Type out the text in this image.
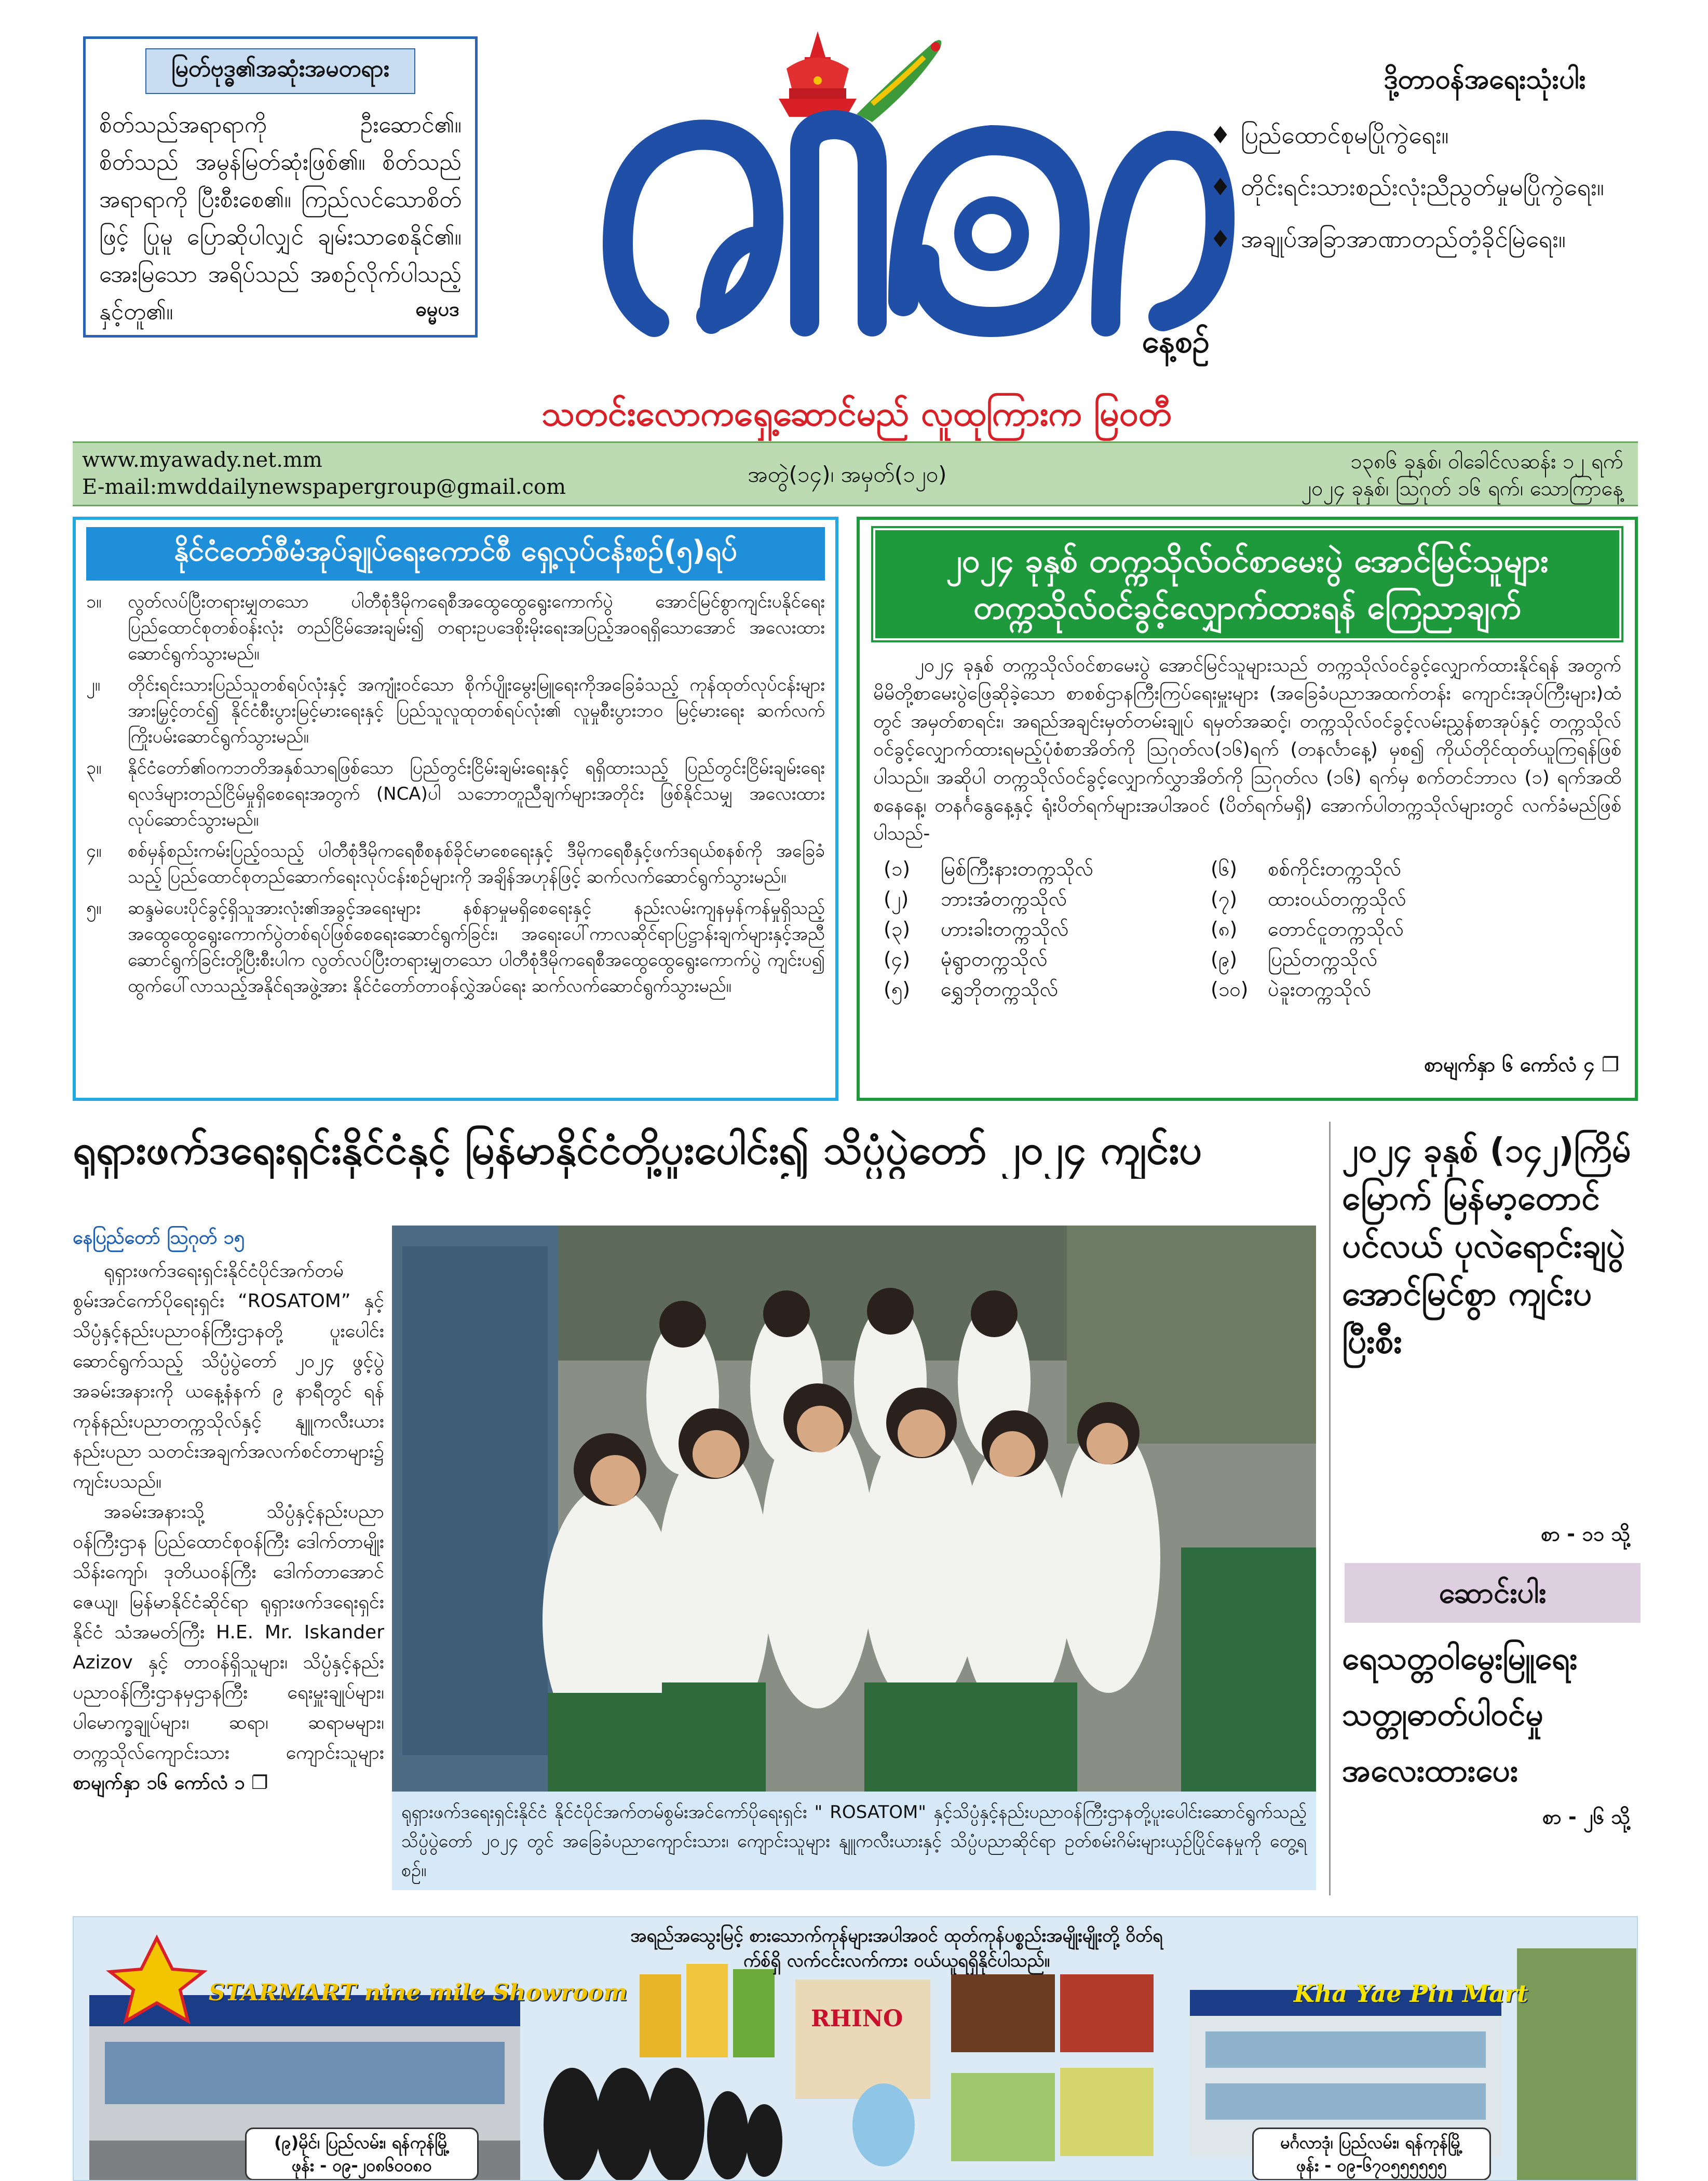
မြတ်ဗုဒ္ဓ၏အဆုံးအမတရား

စိတ်သည်အရာရာကို ဦးဆောင်၏။ စိတ်သည် အမွန်မြတ်ဆုံးဖြစ်၏။ စိတ်သည် အရာရာကို ပြီးစီးစေ၏။ ကြည်လင်သောစိတ်ဖြင့် ပြုမူ ပြောဆိုပါလျှင် ချမ်းသာစေနိုင်၏။ အေးမြသော အရိပ်သည် အစဉ်လိုက်ပါသည့်နှင့်တူ၏။	ဓမ္မပဒ
နေ့စဉ်
သတင်းလောကရှေ့ဆောင်မည် လူထုကြားက မြဝတီ
ဒို့တာဝန်အရေးသုံးပါး
♦ ပြည်ထောင်စုမပြိုကွဲရေး။
♦ တိုင်းရင်းသားစည်းလုံးညီညွတ်မှုမပြိုကွဲရေး။
♦ အချုပ်အခြာအာဏာတည်တံ့ခိုင်မြဲရေး။
www.myawady.net.mm
E-mail:mwddailynewspapergroup@gmail.com	အတွဲ(၁၄)၊ အမှတ်(၁၂၀)	၁၃၈၆ ခုနှစ်၊ ဝါခေါင်လဆန်း ၁၂ ရက်
၂၀၂၄ ခုနှစ်၊ ဩဂုတ် ၁၆ ရက်၊ သောကြာနေ့
နိုင်ငံတော်စီမံအုပ်ချုပ်ရေးကောင်စီ ရှေ့လုပ်ငန်းစဉ်(၅)ရပ်
၁။ လွတ်လပ်ပြီးတရားမျှတသော ပါတီစုံဒီမိုကရေစီအထွေထွေရွေးကောက်ပွဲ အောင်မြင်စွာကျင်းပနိုင်ရေး ပြည်ထောင်စုတစ်ဝန်းလုံး တည်ငြိမ်အေးချမ်း၍ တရားဥပဒေစိုးမိုးရေးအပြည့်အဝရရှိသောအောင် အလေးထားဆောင်ရွက်သွားမည်။
၂။ တိုင်းရင်းသားပြည်သူတစ်ရပ်လုံးနှင့် အကျုံးဝင်သော စိုက်ပျိုးမွေးမြူရေးကိုအခြေခံသည့် ကုန်ထုတ်လုပ်ငန်းများအားမြှင့်တင်၍ နိုင်ငံစီးပွားမြင့်မားရေးနှင့် ပြည်သူလူထုတစ်ရပ်လုံး၏ လူမှုစီးပွားဘဝ မြင့်မားရေး ဆက်လက်ကြိုးပမ်းဆောင်ရွက်သွားမည်။
၃။ နိုင်ငံတော်၏ဝကဘတိအနှစ်သာရဖြစ်သော ပြည်တွင်းငြိမ်းချမ်းရေးနှင့် ရရှိထားသည့် ပြည်တွင်းငြိမ်းချမ်းရေးရလဒ်များတည်ငြိမ်မှုရှိစေရေးအတွက် (NCA)ပါ သဘောတူညီချက်များအတိုင်း ဖြစ်နိုင်သမျှ အလေးထားလုပ်ဆောင်သွားမည်။
၄။ စစ်မှန်စည်းကမ်းပြည့်ဝသည့် ပါတီစုံဒီမိုကရေစီစနစ်ခိုင်မာစေရေးနှင့် ဒီမိုကရေစီနှင့်ဖက်ဒရယ်စနစ်ကို အခြေခံသည့် ပြည်ထောင်စုတည်ဆောက်ရေးလုပ်ငန်းစဉ်များကို အချိန်အဟုန်ဖြင့် ဆက်လက်ဆောင်ရွက်သွားမည်။
၅။ ဆန္ဒမဲပေးပိုင်ခွင့်ရှိသူအားလုံး၏အခွင့်အရေးများ နစ်နာမှုမရှိစေရေးနှင့် နည်းလမ်းကျနမှန်ကန်မှုရှိသည့် အထွေထွေရွေးကောက်ပွဲတစ်ရပ်ဖြစ်စေရေးဆောင်ရွက်ခြင်း၊ အရေးပေါ်ကာလဆိုင်ရာပြဋ္ဌာန်းချက်များနှင့်အညီ ဆောင်ရွက်ခြင်းတို့ပြီးစီးပါက လွတ်လပ်ပြီးတရားမျှတသော ပါတီစုံဒီမိုကရေစီအထွေထွေရွေးကောက်ပွဲ ကျင်းပ၍ ထွက်ပေါ်လာသည့်အနိုင်ရအဖွဲ့အား နိုင်ငံတော်တာဝန်လွှဲအပ်ရေး ဆက်လက်ဆောင်ရွက်သွားမည်။
၂၀၂၄ ခုနှစ် တက္ကသိုလ်ဝင်စာမေးပွဲ အောင်မြင်သူများ တက္ကသိုလ်ဝင်ခွင့်လျှောက်ထားရန် ကြေညာချက်

၂၀၂၄ ခုနှစ် တက္ကသိုလ်ဝင်စာမေးပွဲ အောင်မြင်သူများသည် တက္ကသိုလ်ဝင်ခွင့်လျှောက်ထားနိုင်ရန် အတွက် မိမိတို့စာမေးပွဲဖြေဆိုခဲ့သော စာစစ်ဌာနကြီးကြပ်ရေးမှူးများ (အခြေခံပညာအထက်တန်း ကျောင်းအုပ်ကြီးများ)ထံတွင် အမှတ်စာရင်း၊ အရည်အချင်းမှတ်တမ်းချုပ် ရမှတ်အဆင့်၊ တက္ကသိုလ်ဝင်ခွင့်လမ်းညွှန်စာအုပ်နှင့် တက္ကသိုလ်ဝင်ခွင့်လျှောက်ထားရမည့်ပုံစံစာအိတ်ကို ဩဂုတ်လ(၁၆)ရက် (တနင်္လာနေ့) မှစ၍ ကိုယ်တိုင်ထုတ်ယူကြရန်ဖြစ်ပါသည်။ အဆိုပါ တက္ကသိုလ်ဝင်ခွင့်လျှောက်လွှာအိတ်ကို ဩဂုတ်လ (၁၆) ရက်မှ စက်တင်ဘာလ (၁) ရက်အထိ စနေနေ့၊ တနင်္ဂနွေနေ့နှင့် ရုံးပိတ်ရက်များအပါအဝင် (ပိတ်ရက်မရှိ) အောက်ပါတက္ကသိုလ်များတွင် လက်ခံမည်ဖြစ်ပါသည်-

(၁)	မြစ်ကြီးနားတက္ကသိုလ်	(၆)	စစ်ကိုင်းတက္ကသိုလ်
(၂)	ဘားအံတက္ကသိုလ်	(၇)	ထားဝယ်တက္ကသိုလ်
(၃)	ဟားခါးတက္ကသိုလ်	(၈)	တောင်ငူတက္ကသိုလ်
(၄)	မုံရွာတက္ကသိုလ်	(၉)	ပြည်တက္ကသိုလ်
(၅)	ရွှေဘိုတက္ကသိုလ်	(၁၀) ပဲခူးတက္ကသိုလ်
စာမျက်နှာ ၆ ကော်လံ ၄ ❐
ရုရှားဖက်ဒရေးရှင်းနိုင်ငံနှင့် မြန်မာနိုင်ငံတို့ပူးပေါင်း၍ သိပ္ပံပွဲတော် ၂၀၂၄ ကျင်းပ
နေပြည်တော် ဩဂုတ် ၁၅

ရုရှားဖက်ဒရေးရှင်းနိုင်ငံပိုင်အက်တမ်စွမ်းအင်ကော်ပိုရေးရှင်း “ROSATOM” နှင့် သိပ္ပံနှင့်နည်းပညာဝန်ကြီးဌာနတို့ ပူးပေါင်းဆောင်ရွက်သည့် သိပ္ပံပွဲတော် ၂၀၂၄ ဖွင့်ပွဲ အခမ်းအနားကို ယနေ့နံနက် ၉ နာရီတွင် ရန်ကုန်နည်းပညာတက္ကသိုလ်နှင့် နျူကလီးယားနည်းပညာ သတင်းအချက်အလက်စင်တာများ၌ ကျင်းပသည်။

အခမ်းအနားသို့ သိပ္ပံနှင့်နည်းပညာဝန်ကြီးဌာန ပြည်ထောင်စုဝန်ကြီး ဒေါက်တာမျိုးသိန်းကျော်၊ ဒုတိယဝန်ကြီး ဒေါက်တာအောင်ဇေယျ၊ မြန်မာနိုင်ငံဆိုင်ရာ ရုရှားဖက်ဒရေးရှင်းနိုင်ငံ သံအမတ်ကြီး H.E. Mr. Iskander Azizov နှင့် တာဝန်ရှိသူများ၊ သိပ္ပံနှင့်နည်းပညာဝန်ကြီးဌာနမှဌာနကြီး ရေးမှူးချုပ်များ၊ ပါမောက္ခချုပ်များ၊ ဆရာ၊ ဆရာမများ၊ တက္ကသိုလ်ကျောင်းသား ကျောင်းသူများ စာမျက်နှာ ၁၆ ကော်လံ ၁ ❐

ရုရှားဖက်ဒရေးရှင်းနိုင်ငံ နိုင်ငံပိုင်အက်တမ်စွမ်းအင်ကော်ပိုရေးရှင်း " ROSATOM" နှင့်သိပ္ပံနှင့်နည်းပညာဝန်ကြီးဌာနတို့ပူးပေါင်းဆောင်ရွက်သည့် သိပ္ပံပွဲတော် ၂၀၂၄ တွင် အခြေခံပညာကျောင်းသား၊ ကျောင်းသူများ နျူကလီးယားနှင့် သိပ္ပံပညာဆိုင်ရာ ဥတ်စမ်းဂိမ်းများယှဉ်ပြိုင်နေမှုကို တွေ့ရစဉ်။
၂၀၂၄ ခုနှစ် (၁၄၂)ကြိမ်မြောက် မြန်မာ့တောင်ပင်လယ် ပုလဲရောင်းချပွဲ အောင်မြင်စွာ ကျင်းပပြီးစီး
စာ - ၁၁ သို့
ဆောင်းပါး
ရေသတ္တဝါမွေးမြူရေး သတ္တုဓာတ်ပါဝင်မှု အလေးထားပေး
စာ - ၂၆ သို့
အရည်အသွေးမြင့် စားသောက်ကုန်များအပါအဝင် ထုတ်ကုန်ပစ္စည်းအမျိုးမျိုးတို့ ဝိတ်ရက်စ်ရှိ လက်ငင်းလက်ကား ဝယ်ယူရရှိနိုင်ပါသည်။
STARMART nine mile Showroom
RHINO
Kha Yae Pin Mart
(၉)မိုင်၊ ပြည်လမ်း၊ ရန်ကုန်မြို့
ဖုန်း - ၀၉-၂၀၈၆၀၀၈၀
မင်္ဂလာဒုံ၊ ပြည်လမ်း၊ ရန်ကုန်မြို့
ဖုန်း - ၀၉-၆၇၀၅၅၅၅၅၅
